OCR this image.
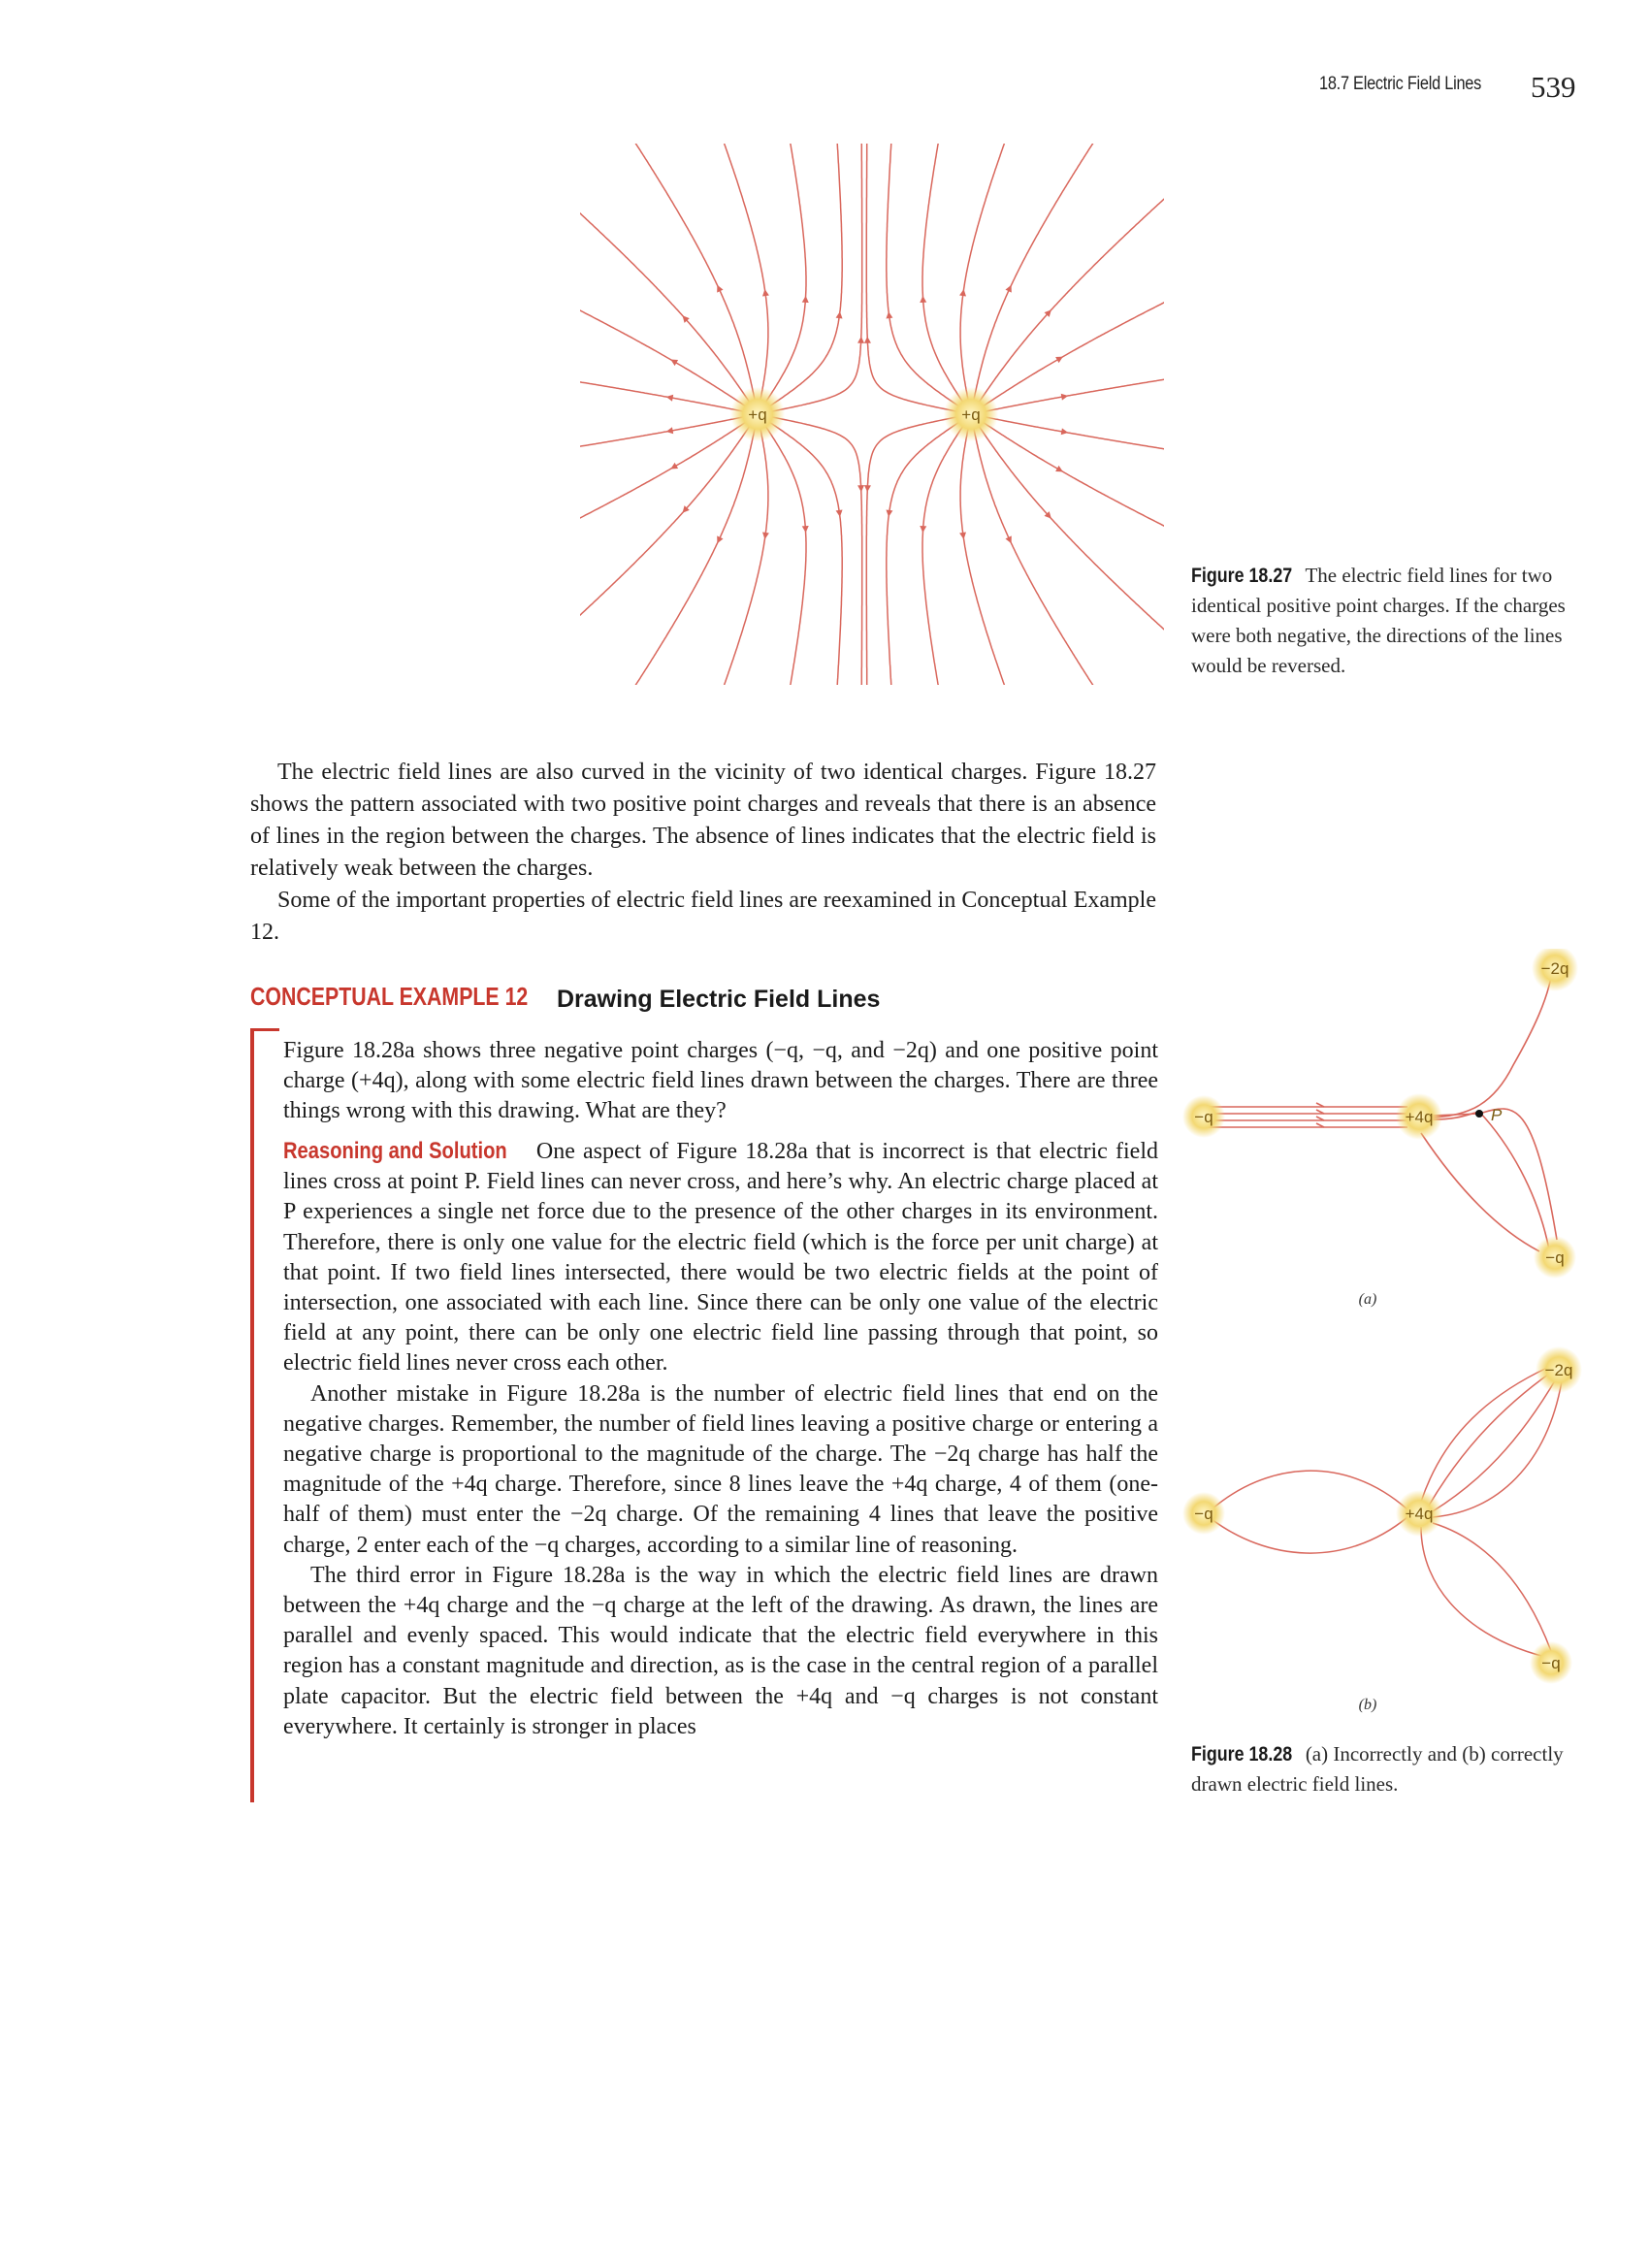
18.7 Electric Field Lines 539
+q	+q
Figure 18.27 The electric field lines for two identical positive point charges. If the charges were both negative, the directions of the lines would be reversed.

The electric field lines are also curved in the vicinity of two identical charges. Figure 18.27 shows the pattern associated with two positive point charges and reveals that there is an absence of lines in the region between the charges. The absence of lines indicates that the electric field is relatively weak between the charges.

Some of the important properties of electric field lines are reexamined in Conceptual Example 12.

CONCEPTUAL EXAMPLE 12 Drawing Electric Field Lines

Figure 18.28a shows three negative point charges (−q, −q, and −2q) and one positive point charge (+4q), along with some electric field lines drawn between the charges. There are three things wrong with this drawing. What are they?

Reasoning and Solution One aspect of Figure 18.28a that is incorrect is that electric field lines cross at point P. Field lines can never cross, and here’s why. An electric charge placed at P experiences a single net force due to the presence of the other charges in its environment. Therefore, there is only one value for the electric field (which is the force per unit charge) at that point. If two field lines intersected, there would be two electric fields at the point of intersection, one associated with each line. Since there can be only one value of the electric field at any point, there can be only one electric field line passing through that point, so electric field lines never cross each other.

Another mistake in Figure 18.28a is the number of electric field lines that end on the negative charges. Remember, the number of field lines leaving a positive charge or entering a negative charge is proportional to the magnitude of the charge. The −2q charge has half the magnitude of the +4q charge. Therefore, since 8 lines leave the +4q charge, 4 of them (one-half of them) must enter the −2q charge. Of the remaining 4 lines that leave the positive charge, 2 enter each of the −q charges, according to a similar line of reasoning.

The third error in Figure 18.28a is the way in which the electric field lines are drawn between the +4q charge and the −q charge at the left of the drawing. As drawn, the lines are parallel and evenly spaced. This would indicate that the electric field everywhere in this region has a constant magnitude and direction, as is the case in the central region of a parallel plate capacitor. But the electric field between the +4q and −q charges is not constant everywhere. It certainly is stronger in places

−q	+4q
−2q
−q
P
(a)
−q	+4q
−2q
−q
(b)
Figure 18.28 (a) Incorrectly and (b) correctly drawn electric field lines.
